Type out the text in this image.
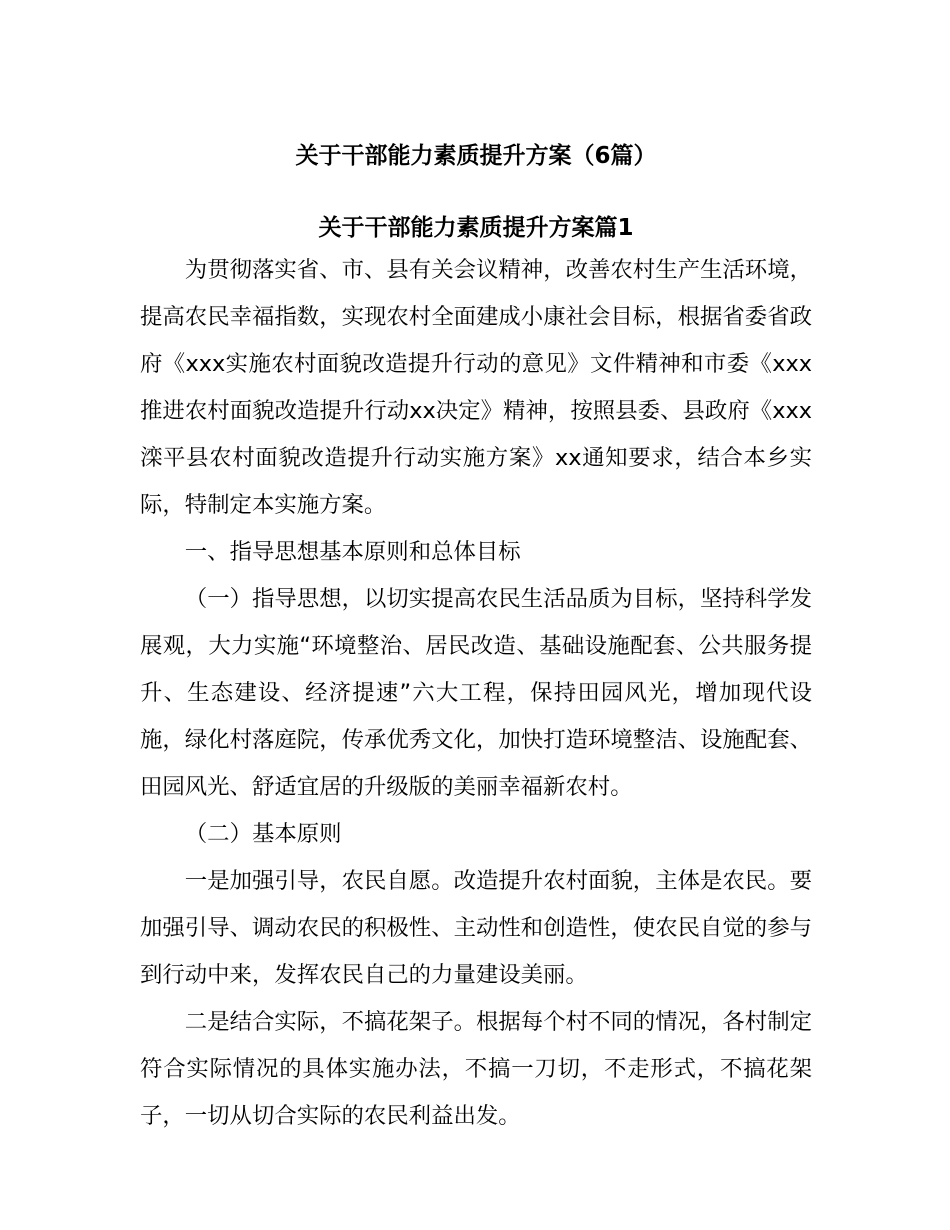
关于干部能力素质提升方案（6篇）
关于干部能力素质提升方案篇1

为贯彻落实省、市、县有关会议精神，改善农村生产生活环境，提高农民幸福指数，实现农村全面建成小康社会目标，根据省委省政府《xxx实施农村面貌改造提升行动的意见》文件精神和市委《xxx推进农村面貌改造提升行动xx决定》精神，按照县委、县政府《xxx滦平县农村面貌改造提升行动实施方案》xx通知要求，结合本乡实际，特制定本实施方案。

一、指导思想基本原则和总体目标

（一）指导思想，以切实提高农民生活品质为目标，坚持科学发展观，大力实施“环境整治、居民改造、基础设施配套、公共服务提升、生态建设、经济提速”六大工程，保持田园风光，增加现代设施，绿化村落庭院，传承优秀文化，加快打造环境整洁、设施配套、田园风光、舒适宜居的升级版的美丽幸福新农村。

（二）基本原则

一是加强引导，农民自愿。改造提升农村面貌，主体是农民。要加强引导、调动农民的积极性、主动性和创造性，使农民自觉的参与到行动中来，发挥农民自己的力量建设美丽。

二是结合实际，不搞花架子。根据每个村不同的情况，各村制定符合实际情况的具体实施办法，不搞一刀切，不走形式，不搞花架子，一切从切合实际的农民利益出发。
